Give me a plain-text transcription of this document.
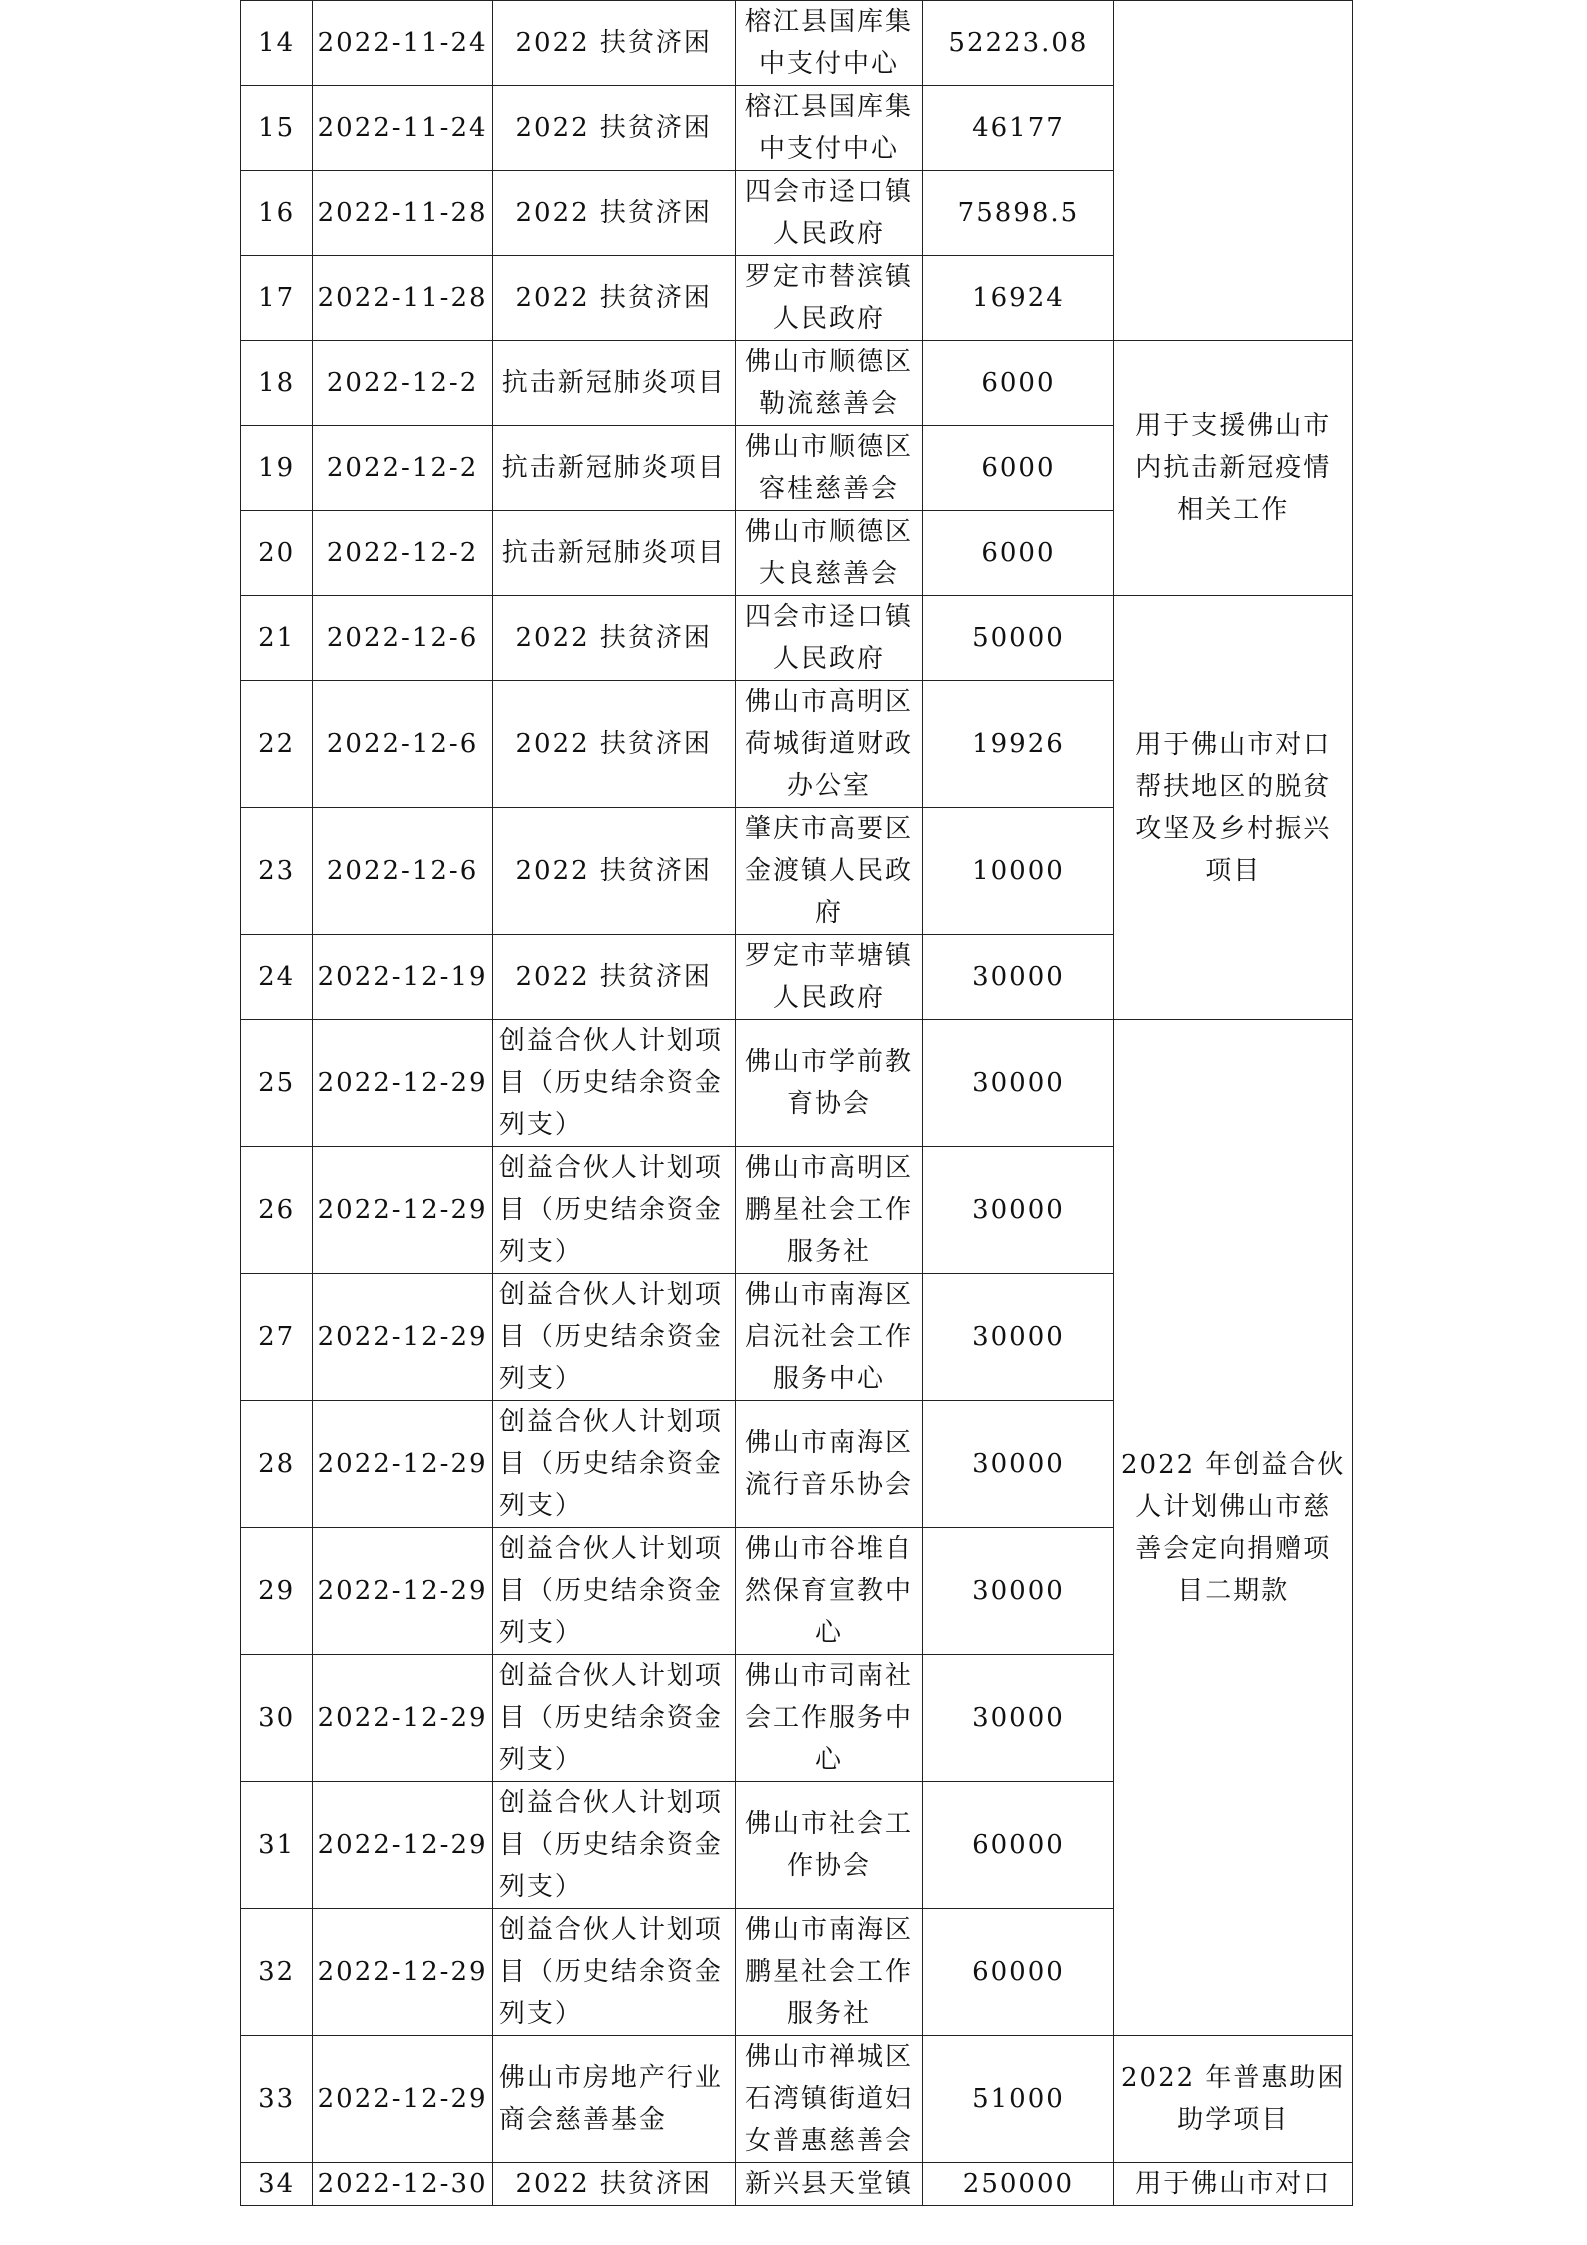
14	2022-11-24	2022 扶贫济困	榕江县国库集
中支付中心	52223.08	
15	2022-11-24	2022 扶贫济困	榕江县国库集
中支付中心	46177	
16	2022-11-28	2022 扶贫济困	四会市迳口镇
人民政府	75898.5	
17	2022-11-28	2022 扶贫济困	罗定市替滨镇
人民政府	16924	
18	2022-12-2	抗击新冠肺炎项目	佛山市顺德区
勒流慈善会	6000	用于支援佛山市
内抗击新冠疫情
相关工作

19	2022-12-2	抗击新冠肺炎项目	佛山市顺德区
容桂慈善会	6000	
20	2022-12-2	抗击新冠肺炎项目	佛山市顺德区
大良慈善会	6000	
21	2022-12-6	2022 扶贫济困	四会市迳口镇
人民政府	50000	用于佛山市对口
帮扶地区的脱贫
攻坚及乡村振兴
项目

22	2022-12-6	2022 扶贫济困	佛山市高明区
荷城街道财政
办公室	19926	
23	2022-12-6	2022 扶贫济困	肇庆市高要区
金渡镇人民政
府	10000	
24	2022-12-19	2022 扶贫济困	罗定市苹塘镇
人民政府	30000	
25	2022-12-29	创益合伙人计划项
目（历史结余资金
列支）	佛山市学前教
育协会	30000	2022 年创益合伙
人计划佛山市慈
善会定向捐赠项
目二期款

26	2022-12-29	创益合伙人计划项
目（历史结余资金
列支）	佛山市高明区
鹏星社会工作
服务社	30000	
27	2022-12-29	创益合伙人计划项
目（历史结余资金
列支）	佛山市南海区
启沅社会工作
服务中心	30000	
28	2022-12-29	创益合伙人计划项
目（历史结余资金
列支）	佛山市南海区
流行音乐协会	30000	
29	2022-12-29	创益合伙人计划项
目（历史结余资金
列支）	佛山市谷堆自
然保育宣教中
心	30000	
30	2022-12-29	创益合伙人计划项
目（历史结余资金
列支）	佛山市司南社
会工作服务中
心	30000	
31	2022-12-29	创益合伙人计划项
目（历史结余资金
列支）	佛山市社会工
作协会	60000	
32	2022-12-29	创益合伙人计划项
目（历史结余资金
列支）	佛山市南海区
鹏星社会工作
服务社	60000	
33	2022-12-29	佛山市房地产行业
商会慈善基金	佛山市禅城区
石湾镇街道妇
女普惠慈善会	51000	2022 年普惠助困
助学项目

34	2022-12-30	2022 扶贫济困	新兴县天堂镇	250000	用于佛山市对口
